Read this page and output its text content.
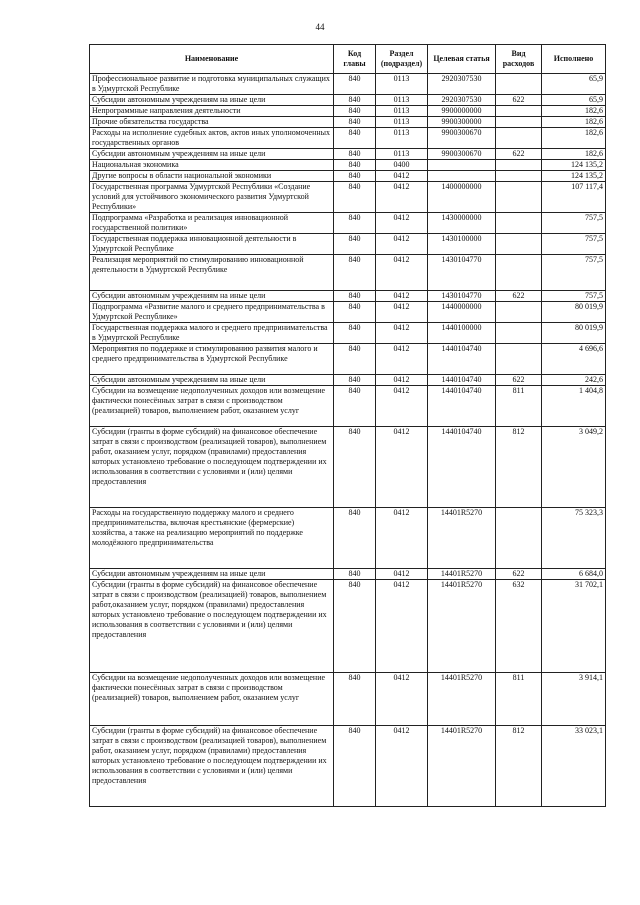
44
Наименование	Код главы	Раздел (подраздел)	Целевая статья	Вид расходов	Исполнено
Профессиональное развитие и подготовка муниципальных служащих в Удмуртской Республике	840	0113	2920307530		65,9
Субсидии автономным учреждениям на иные цели	840	0113	2920307530	622	65,9
Непрограммные направления деятельности	840	0113	9900000000		182,6
Прочие обязательства государства	840	0113	9900300000		182,6
Расходы на исполнение судебных актов, актов иных уполномоченных государственных органов	840	0113	9900300670		182,6
Субсидии автономным учреждениям на иные цели	840	0113	9900300670	622	182,6
Национальная экономика	840	0400			124 135,2
Другие вопросы в области национальной экономики	840	0412			124 135,2
Государственная программа Удмуртской Республики «Создание условий для устойчивого экономического развития Удмуртской Республики»	840	0412	1400000000		107 117,4
Подпрограмма «Разработка и реализация инновационной государственной политики»	840	0412	1430000000		757,5
Государственная поддержка инновационной деятельности в Удмуртской Республике	840	0412	1430100000		757,5
Реализация мероприятий по стимулированию инновационной деятельности в Удмуртской Республике	840	0412	1430104770		757,5
Субсидии автономным учреждениям на иные цели	840	0412	1430104770	622	757,5
Подпрограмма «Развитие малого и среднего предпринимательства в Удмуртской Республике»	840	0412	1440000000		80 019,9
Государственная поддержка малого и среднего предпринимательства в Удмуртской Республике	840	0412	1440100000		80 019,9
Мероприятия по поддержке и стимулированию развития малого и среднего предпринимательства в Удмуртской Республике	840	0412	1440104740		4 696,6
Субсидии автономным учреждениям на иные цели	840	0412	1440104740	622	242,6
Субсидии на возмещение недополученных доходов или возмещение фактически понесённых затрат в связи с производством (реализацией) товаров, выполнением работ, оказанием услуг	840	0412	1440104740	811	1 404,8
Субсидии (гранты в форме субсидий) на финансовое обеспечение затрат в связи с производством (реализацией товаров), выполнением работ, оказанием услуг, порядком (правилами) предоставления которых установлено требование о последующем подтверждении их использования в соответствии с условиями и (или) целями предоставления	840	0412	1440104740	812	3 049,2
Расходы на государственную поддержку малого и среднего предпринимательства, включая крестьянские (фермерские) хозяйства, а также на реализацию мероприятий по поддержке молодёжного предпринимательства	840	0412	14401R5270		75 323,3
Субсидии автономным учреждениям на иные цели	840	0412	14401R5270	622	6 684,0
Субсидии (гранты в форме субсидий) на финансовое обеспечение затрат в связи с производством (реализацией) товаров, выполнением работ,оказанием услуг, порядком (правилами) предоставления которых установлено требование о последующем подтверждении их использования в соответствии с условиями и (или) целями предоставления	840	0412	14401R5270	632	31 702,1
Субсидии на возмещение недополученных доходов или возмещение фактически понесённых затрат в связи с производством (реализацией) товаров, выполнением работ, оказанием услуг	840	0412	14401R5270	811	3 914,1
Субсидии (гранты в форме субсидий) на финансовое обеспечение затрат в связи с производством (реализацией товаров), выполнением работ, оказанием услуг, порядком (правилами) предоставления которых установлено требование о последующем подтверждении их использования в соответствии с условиями и (или) целями предоставления	840	0412	14401R5270	812	33 023,1
